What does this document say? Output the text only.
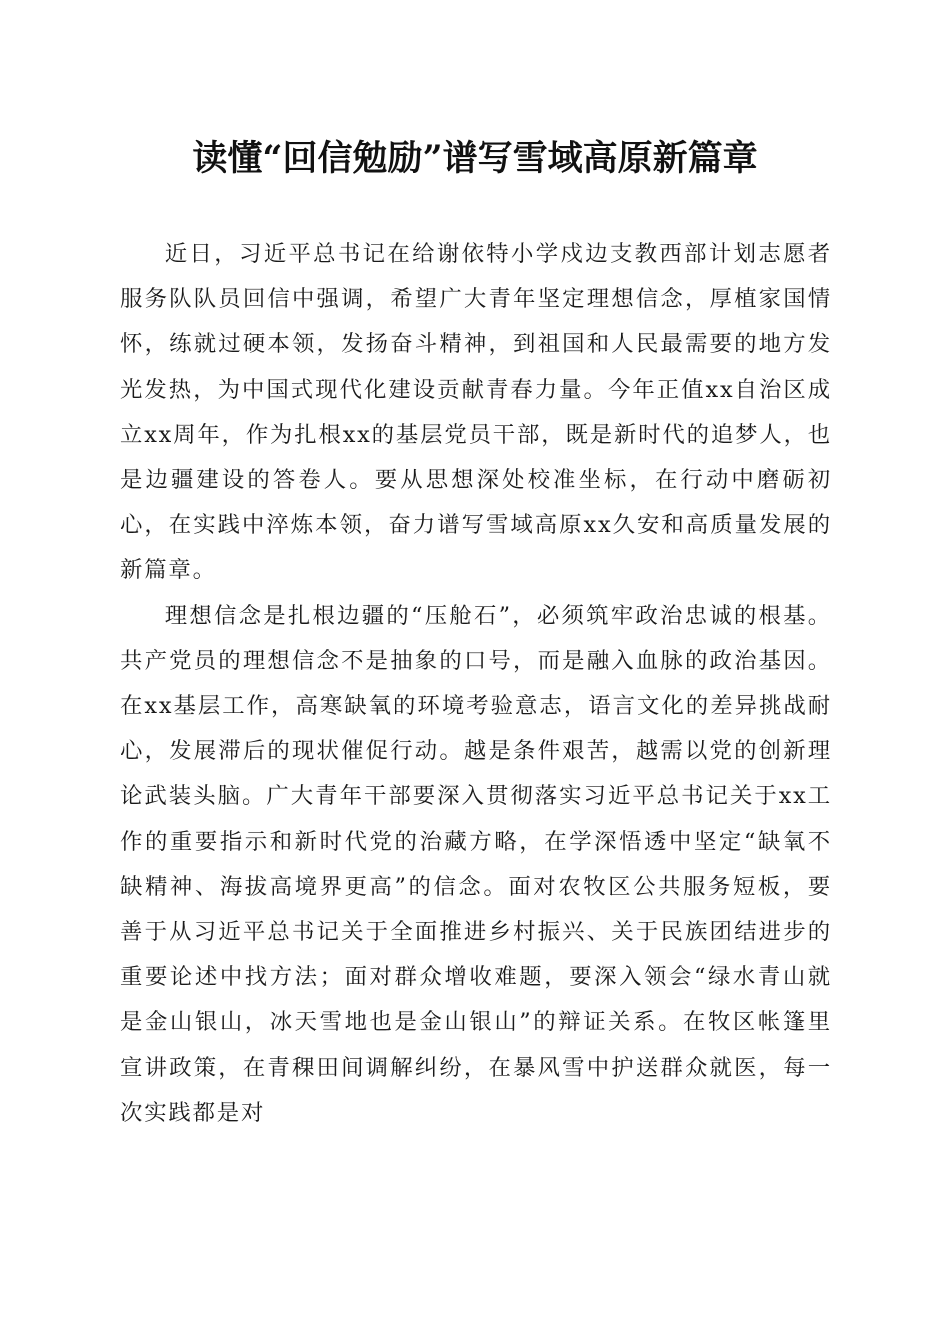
读懂“回信勉励”谱写雪域高原新篇章

近日，习近平总书记在给谢依特小学戍边支教西部计划志愿者服务队队员回信中强调，希望广大青年坚定理想信念，厚植家国情怀，练就过硬本领，发扬奋斗精神，到祖国和人民最需要的地方发光发热，为中国式现代化建设贡献青春力量。今年正值xx自治区成立xx周年，作为扎根xx的基层党员干部，既是新时代的追梦人，也是边疆建设的答卷人。要从思想深处校准坐标，在行动中磨砺初心，在实践中淬炼本领，奋力谱写雪域高原xx久安和高质量发展的新篇章。

理想信念是扎根边疆的“压舱石”，必须筑牢政治忠诚的根基。共产党员的理想信念不是抽象的口号，而是融入血脉的政治基因。在xx基层工作，高寒缺氧的环境考验意志，语言文化的差异挑战耐心，发展滞后的现状催促行动。越是条件艰苦，越需以党的创新理论武装头脑。广大青年干部要深入贯彻落实习近平总书记关于xx工作的重要指示和新时代党的治藏方略，在学深悟透中坚定“缺氧不缺精神、海拔高境界更高”的信念。面对农牧区公共服务短板，要善于从习近平总书记关于全面推进乡村振兴、关于民族团结进步的重要论述中找方法；面对群众增收难题，要深入领会“绿水青山就是金山银山，冰天雪地也是金山银山”的辩证关系。在牧区帐篷里宣讲政策，在青稞田间调解纠纷，在暴风雪中护送群众就医，每一次实践都是对
